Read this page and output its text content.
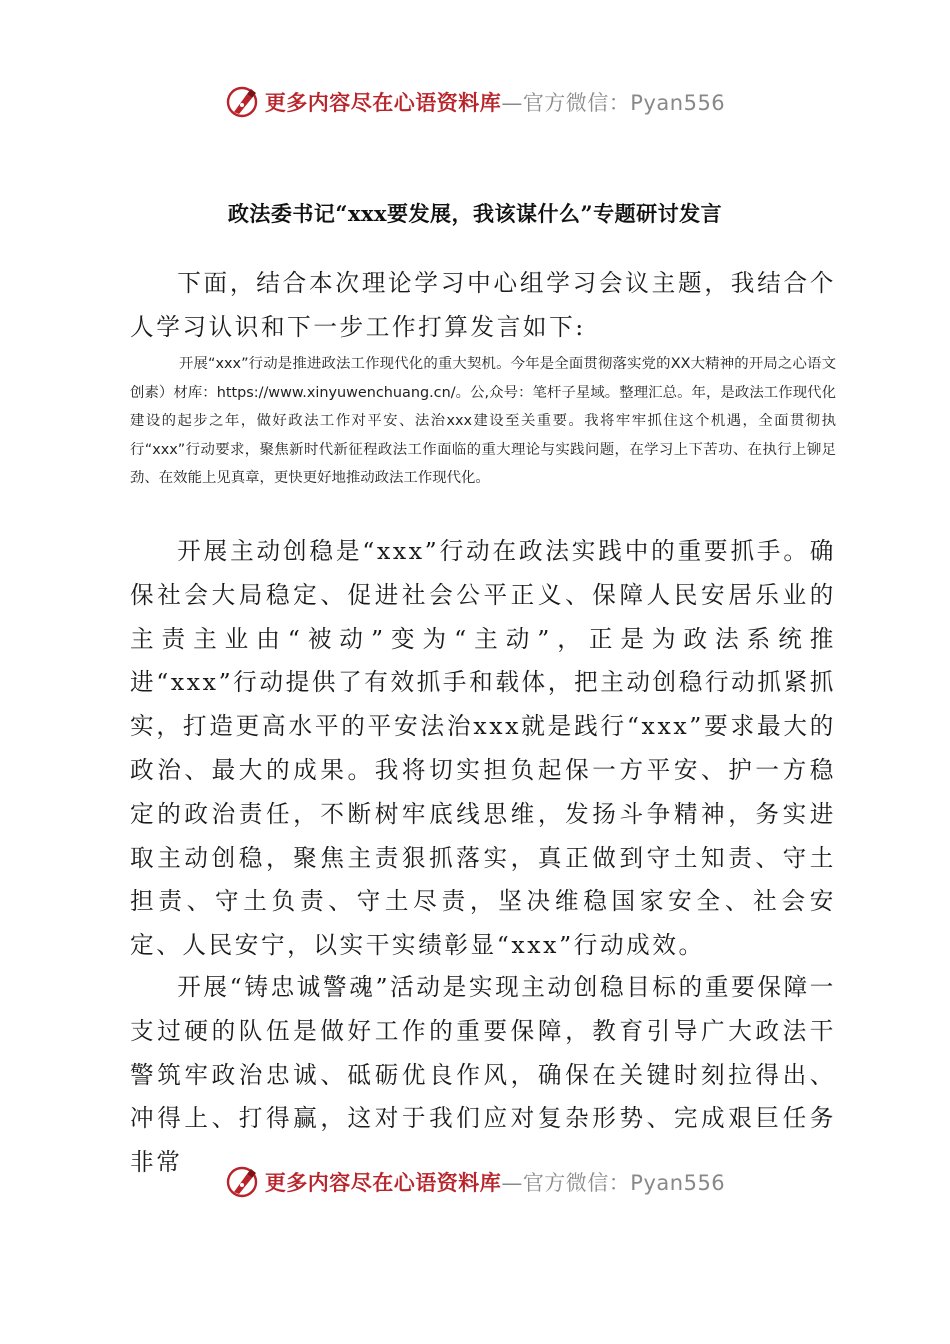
更多内容尽在心语资料库—官方微信：Pyan556
政法委书记“xxx要发展，我该谋什么”专题研讨发言

下面，结合本次理论学习中心组学习会议主题，我结合个人学习认识和下一步工作打算发言如下:

开展“xxx”行动是推进政法工作现代化的重大契机。今年是全面贯彻落实党的XX大精神的开局之心语文创素）材库：https://www.xinyuwenchuang.cn/。公,众号：笔杆子星域。整理汇总。年，是政法工作现代化建设的起步之年，做好政法工作对平安、法治xxx建设至关重要。我将牢牢抓住这个机遇，全面贯彻执行“xxx”行动要求，聚焦新时代新征程政法工作面临的重大理论与实践问题，在学习上下苦功、在执行上铆足劲、在效能上见真章，更快更好地推动政法工作现代化。

开展主动创稳是“xxx”行动在政法实践中的重要抓手。确保社会大局稳定、促进社会公平正义、保障人民安居乐业的主责主业由“被动”变为“主动”，正是为政法系统推进“xxx”行动提供了有效抓手和载体，把主动创稳行动抓紧抓实，打造更高水平的平安法治xxx就是践行“xxx”要求最大的政治、最大的成果。我将切实担负起保一方平安、护一方稳定的政治责任，不断树牢底线思维，发扬斗争精神，务实进取主动创稳，聚焦主责狠抓落实，真正做到守土知责、守土担责、守土负责、守土尽责，坚决维稳国家安全、社会安定、人民安宁，以实干实绩彰显“xxx”行动成效。

开展“铸忠诚警魂”活动是实现主动创稳目标的重要保障一支过硬的队伍是做好工作的重要保障，教育引导广大政法干警筑牢政治忠诚、砥砺优良作风，确保在关键时刻拉得出、冲得上、打得赢，这对于我们应对复杂形势、完成艰巨任务非常

更多内容尽在心语资料库—官方微信：Pyan556
